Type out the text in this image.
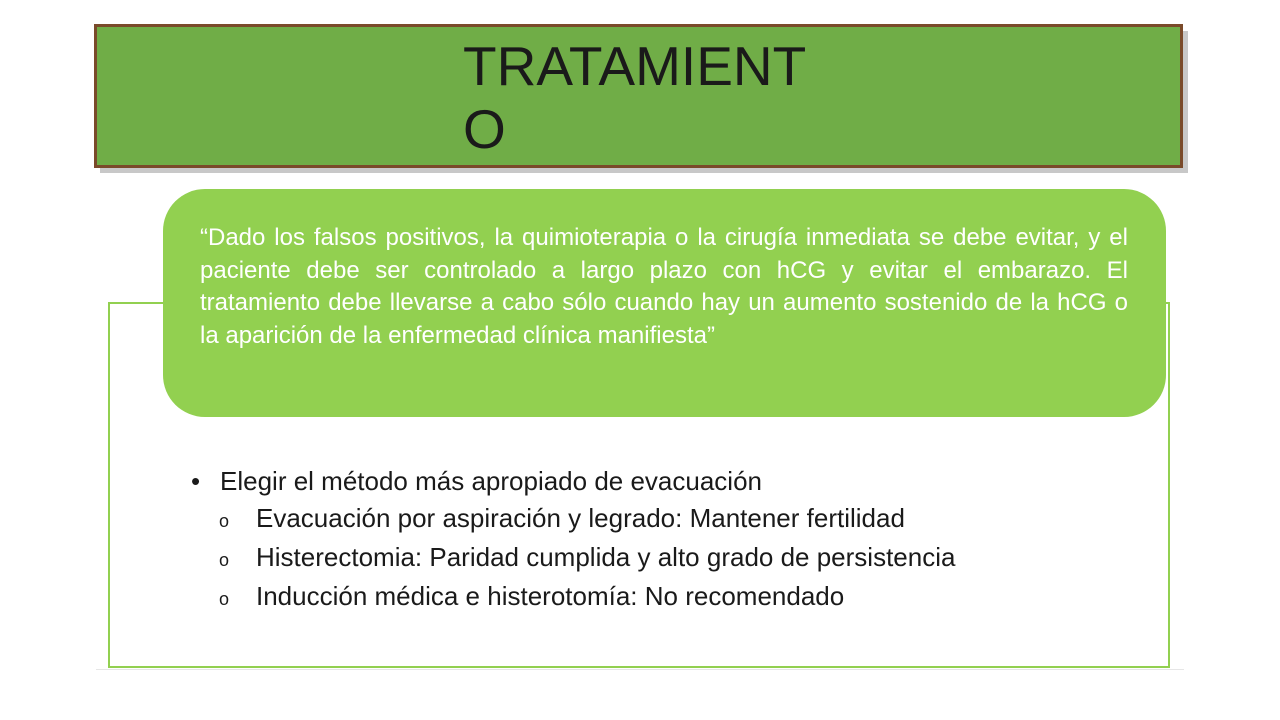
TRATAMIENTO

“Dado los falsos positivos, la quimioterapia o la cirugía inmediata se debe evitar, y el paciente debe ser controlado a largo plazo con hCG y evitar el embarazo. El tratamiento debe llevarse a cabo sólo cuando hay un aumento sostenido de la hCG o la aparición de la enfermedad clínica manifiesta”

• Elegir el método más apropiado de evacuación

o	Evacuación por aspiración y legrado: Mantener fertilidad
o	Histerectomia: Paridad cumplida y alto grado de persistencia
o	Inducción médica e histerotomía: No recomendado
